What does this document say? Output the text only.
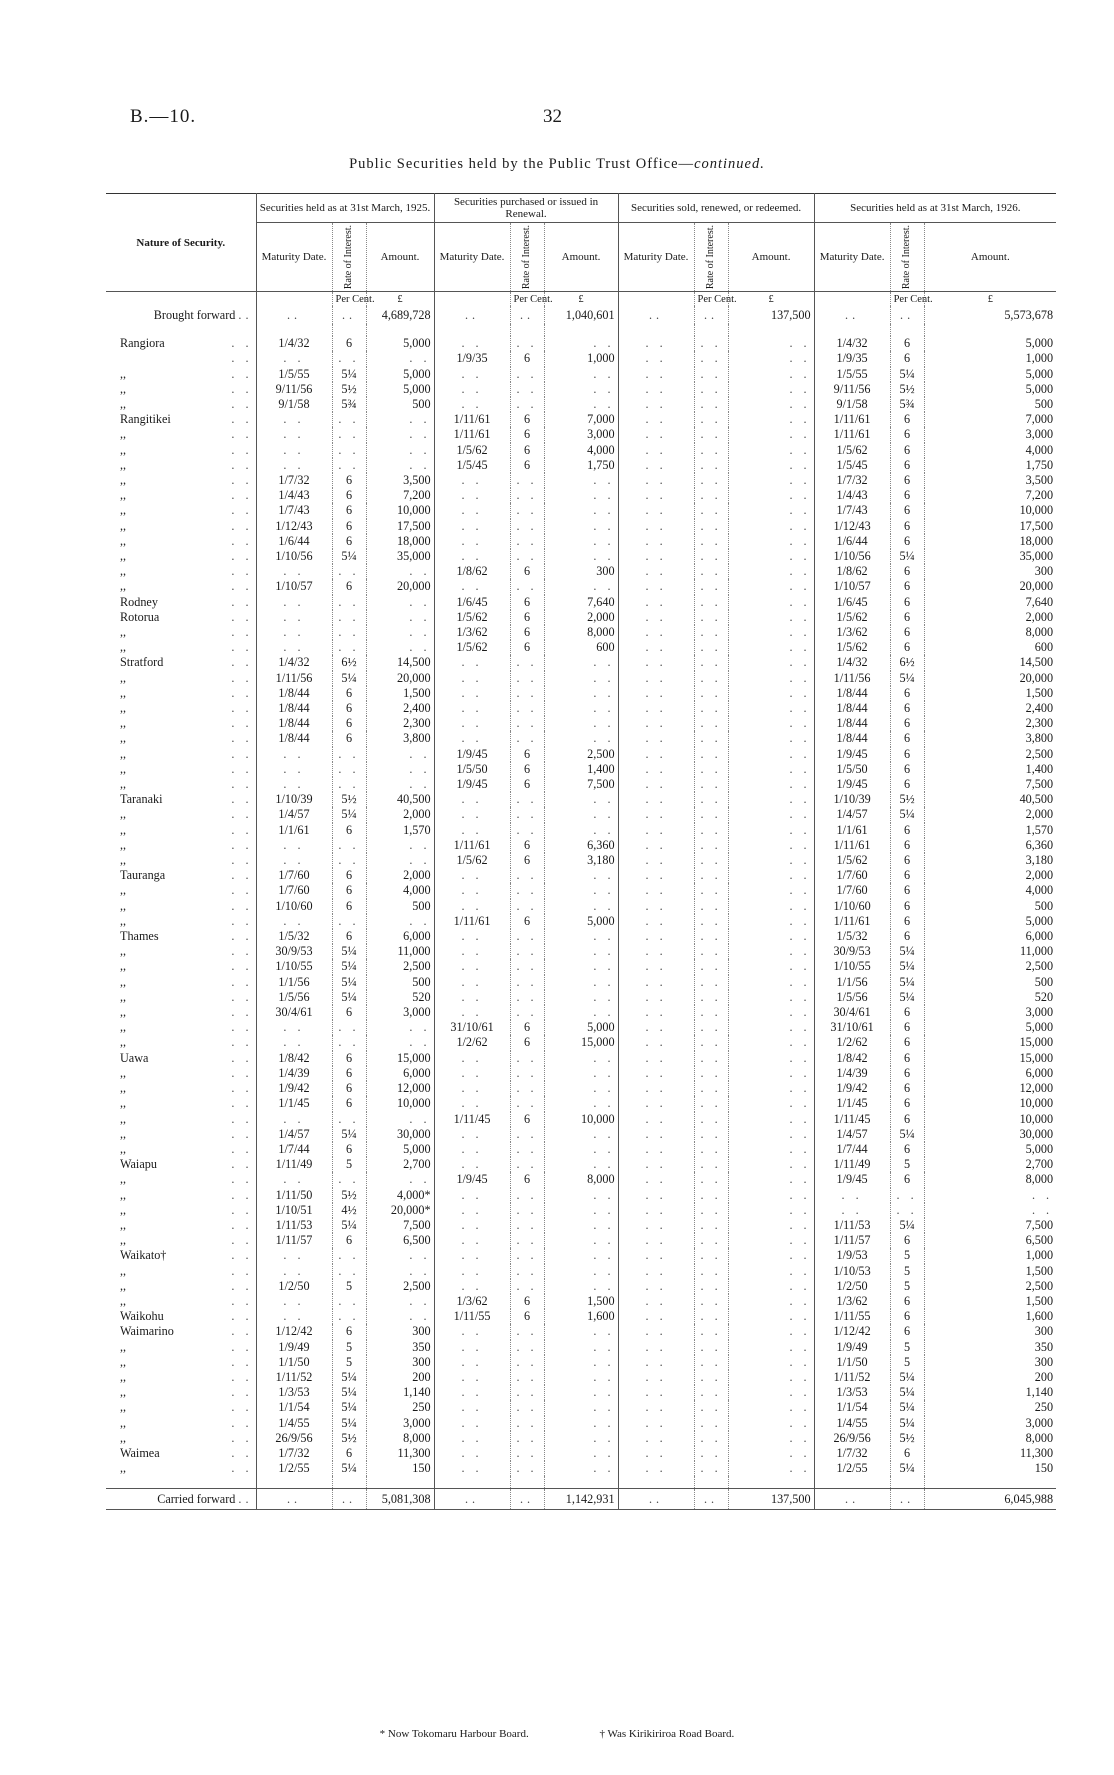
B.—10.	32
Public Securities held by the Public Trust Office—continued.
Nature of Security.	Securities held as at 31st March, 1925.			Securities purchased or issued in Renewal.			Securities sold, renewed, or redeemed.			Securities held as at 31st March, 1926.		
	Maturity Date.	Rate of Interest.	Amount.	Maturity Date.	Rate of Interest.	Amount.	Maturity Date.	Rate of Interest.	Amount.	Maturity Date.	Rate of Interest.	Amount.
		Per Cent.	£		Per Cent.	£		Per Cent.	£		Per Cent.	£
Brought forward ..	..	..	4,689,728	..	..	1,040,601	..	..	137,500	..	..	5,573,678

Rangiora . .	1/4/32	6	5,000	. .	. .	. .	. .	. .	. .	1/4/32	6	5,000

. .	. .	. .	. .	1/9/35	6	1,000	. .	. .	. .	1/9/35	6	1,000
,, . .	1/5/55	5¼	5,000	. .	. .	. .	. .	. .	. .	1/5/55	5¼	5,000
,, . .	9/11/56	5½	5,000	. .	. .	. .	. .	. .	. .	9/11/56	5½	5,000
,, . .	9/1/58	5¾	500	. .	. .	. .	. .	. .	. .	9/1/58	5¾	500
Rangitikei . .	. .	. .	. .	1/11/61	6	7,000	. .	. .	. .	1/11/61	6	7,000
,, . .	. .	. .	. .	1/11/61	6	3,000	. .	. .	. .	1/11/61	6	3,000
,, . .	. .	. .	. .	1/5/62	6	4,000	. .	. .	. .	1/5/62	6	4,000
,, . .	. .	. .	. .	1/5/45	6	1,750	. .	. .	. .	1/5/45	6	1,750
,, . .	1/7/32	6	3,500	. .	. .	. .	. .	. .	. .	1/7/32	6	3,500
,, . .	1/4/43	6	7,200	. .	. .	. .	. .	. .	. .	1/4/43	6	7,200
,, . .	1/7/43	6	10,000	. .	. .	. .	. .	. .	. .	1/7/43	6	10,000
,, . .	1/12/43	6	17,500	. .	. .	. .	. .	. .	. .	1/12/43	6	17,500
,, . .	1/6/44	6	18,000	. .	. .	. .	. .	. .	. .	1/6/44	6	18,000
,, . .	1/10/56	5¼	35,000	. .	. .	. .	. .	. .	. .	1/10/56	5¼	35,000
,, . .	. .	. .	. .	1/8/62	6	300	. .	. .	. .	1/8/62	6	300
,, . .	1/10/57	6	20,000	. .	. .	. .	. .	. .	. .	1/10/57	6	20,000
Rodney . .	. .	. .	. .	1/6/45	6	7,640	. .	. .	. .	1/6/45	6	7,640
Rotorua . .	. .	. .	. .	1/5/62	6	2,000	. .	. .	. .	1/5/62	6	2,000
,, . .	. .	. .	. .	1/3/62	6	8,000	. .	. .	. .	1/3/62	6	8,000
,, . .	. .	. .	. .	1/5/62	6	600	. .	. .	. .	1/5/62	6	600
Stratford . .	1/4/32	6½	14,500	. .	. .	. .	. .	. .	. .	1/4/32	6½	14,500
,, . .	1/11/56	5¼	20,000	. .	. .	. .	. .	. .	. .	1/11/56	5¼	20,000
,, . .	1/8/44	6	1,500	. .	. .	. .	. .	. .	. .	1/8/44	6	1,500
,, . .	1/8/44	6	2,400	. .	. .	. .	. .	. .	. .	1/8/44	6	2,400
,, . .	1/8/44	6	2,300	. .	. .	. .	. .	. .	. .	1/8/44	6	2,300
,, . .	1/8/44	6	3,800	. .	. .	. .	. .	. .	. .	1/8/44	6	3,800
,, . .	. .	. .	. .	1/9/45	6	2,500	. .	. .	. .	1/9/45	6	2,500
,, . .	. .	. .	. .	1/5/50	6	1,400	. .	. .	. .	1/5/50	6	1,400
,, . .	. .	. .	. .	1/9/45	6	7,500	. .	. .	. .	1/9/45	6	7,500
Taranaki . .	1/10/39	5½	40,500	. .	. .	. .	. .	. .	. .	1/10/39	5½	40,500
,, . .	1/4/57	5¼	2,000	. .	. .	. .	. .	. .	. .	1/4/57	5¼	2,000
,, . .	1/1/61	6	1,570	. .	. .	. .	. .	. .	. .	1/1/61	6	1,570
,, . .	. .	. .	. .	1/11/61	6	6,360	. .	. .	. .	1/11/61	6	6,360
,, . .	. .	. .	. .	1/5/62	6	3,180	. .	. .	. .	1/5/62	6	3,180
Tauranga . .	1/7/60	6	2,000	. .	. .	. .	. .	. .	. .	1/7/60	6	2,000
,, . .	1/7/60	6	4,000	. .	. .	. .	. .	. .	. .	1/7/60	6	4,000
,, . .	1/10/60	6	500	. .	. .	. .	. .	. .	. .	1/10/60	6	500
,, . .	. .	. .	. .	1/11/61	6	5,000	. .	. .	. .	1/11/61	6	5,000
Thames . .	1/5/32	6	6,000	. .	. .	. .	. .	. .	. .	1/5/32	6	6,000
,, . .	30/9/53	5¼	11,000	. .	. .	. .	. .	. .	. .	30/9/53	5¼	11,000
,, . .	1/10/55	5¼	2,500	. .	. .	. .	. .	. .	. .	1/10/55	5¼	2,500
,, . .	1/1/56	5¼	500	. .	. .	. .	. .	. .	. .	1/1/56	5¼	500
,, . .	1/5/56	5¼	520	. .	. .	. .	. .	. .	. .	1/5/56	5¼	520
,, . .	30/4/61	6	3,000	. .	. .	. .	. .	. .	. .	30/4/61	6	3,000
,, . .	. .	. .	. .	31/10/61	6	5,000	. .	. .	. .	31/10/61	6	5,000
,, . .	. .	. .	. .	1/2/62	6	15,000	. .	. .	. .	1/2/62	6	15,000
Uawa . .	1/8/42	6	15,000	. .	. .	. .	. .	. .	. .	1/8/42	6	15,000
,, . .	1/4/39	6	6,000	. .	. .	. .	. .	. .	. .	1/4/39	6	6,000
,, . .	1/9/42	6	12,000	. .	. .	. .	. .	. .	. .	1/9/42	6	12,000
,, . .	1/1/45	6	10,000	. .	. .	. .	. .	. .	. .	1/1/45	6	10,000
,, . .	. .	. .	. .	1/11/45	6	10,000	. .	. .	. .	1/11/45	6	10,000
,, . .	1/4/57	5¼	30,000	. .	. .	. .	. .	. .	. .	1/4/57	5¼	30,000
,, . .	1/7/44	6	5,000	. .	. .	. .	. .	. .	. .	1/7/44	6	5,000
Waiapu . .	1/11/49	5	2,700	. .	. .	. .	. .	. .	. .	1/11/49	5	2,700
,, . .	. .	. .	. .	1/9/45	6	8,000	. .	. .	. .	1/9/45	6	8,000
,, . .	1/11/50	5½	4,000*	. .	. .	. .	. .	. .	. .	. .	. .	. .
,, . .	1/10/51	4½	20,000*	. .	. .	. .	. .	. .	. .	. .	. .	. .
,, . .	1/11/53	5¼	7,500	. .	. .	. .	. .	. .	. .	1/11/53	5¼	7,500
,, . .	1/11/57	6	6,500	. .	. .	. .	. .	. .	. .	1/11/57	6	6,500
Waikato† . .	. .	. .	. .	. .	. .	. .	. .	. .	. .	1/9/53	5	1,000
,, . .	. .	. .	. .	. .	. .	. .	. .	. .	. .	1/10/53	5	1,500
,, . .	1/2/50	5	2,500	. .	. .	. .	. .	. .	. .	1/2/50	5	2,500
,, . .	. .	. .	. .	1/3/62	6	1,500	. .	. .	. .	1/3/62	6	1,500
Waikohu . .	. .	. .	. .	1/11/55	6	1,600	. .	. .	. .	1/11/55	6	1,600
Waimarino . .	1/12/42	6	300	. .	. .	. .	. .	. .	. .	1/12/42	6	300
,, . .	1/9/49	5	350	. .	. .	. .	. .	. .	. .	1/9/49	5	350
,, . .	1/1/50	5	300	. .	. .	. .	. .	. .	. .	1/1/50	5	300
,, . .	1/11/52	5¼	200	. .	. .	. .	. .	. .	. .	1/11/52	5¼	200
,, . .	1/3/53	5¼	1,140	. .	. .	. .	. .	. .	. .	1/3/53	5¼	1,140
,, . .	1/1/54	5¼	250	. .	. .	. .	. .	. .	. .	1/1/54	5¼	250
,, . .	1/4/55	5¼	3,000	. .	. .	. .	. .	. .	. .	1/4/55	5¼	3,000
,, . .	26/9/56	5½	8,000	. .	. .	. .	. .	. .	. .	26/9/56	5½	8,000
Waimea . .	1/7/32	6	11,300	. .	. .	. .	. .	. .	. .	1/7/32	6	11,300
,, . .	1/2/55	5¼	150	. .	. .	. .	. .	. .	. .	1/2/55	5¼	150

Carried forward ..	..	..	5,081,308	..	..	1,142,931	..	..	137,500	..	..	6,045,988
* Now Tokomaru Harbour Board.	† Was Kirikiriroa Road Board.
